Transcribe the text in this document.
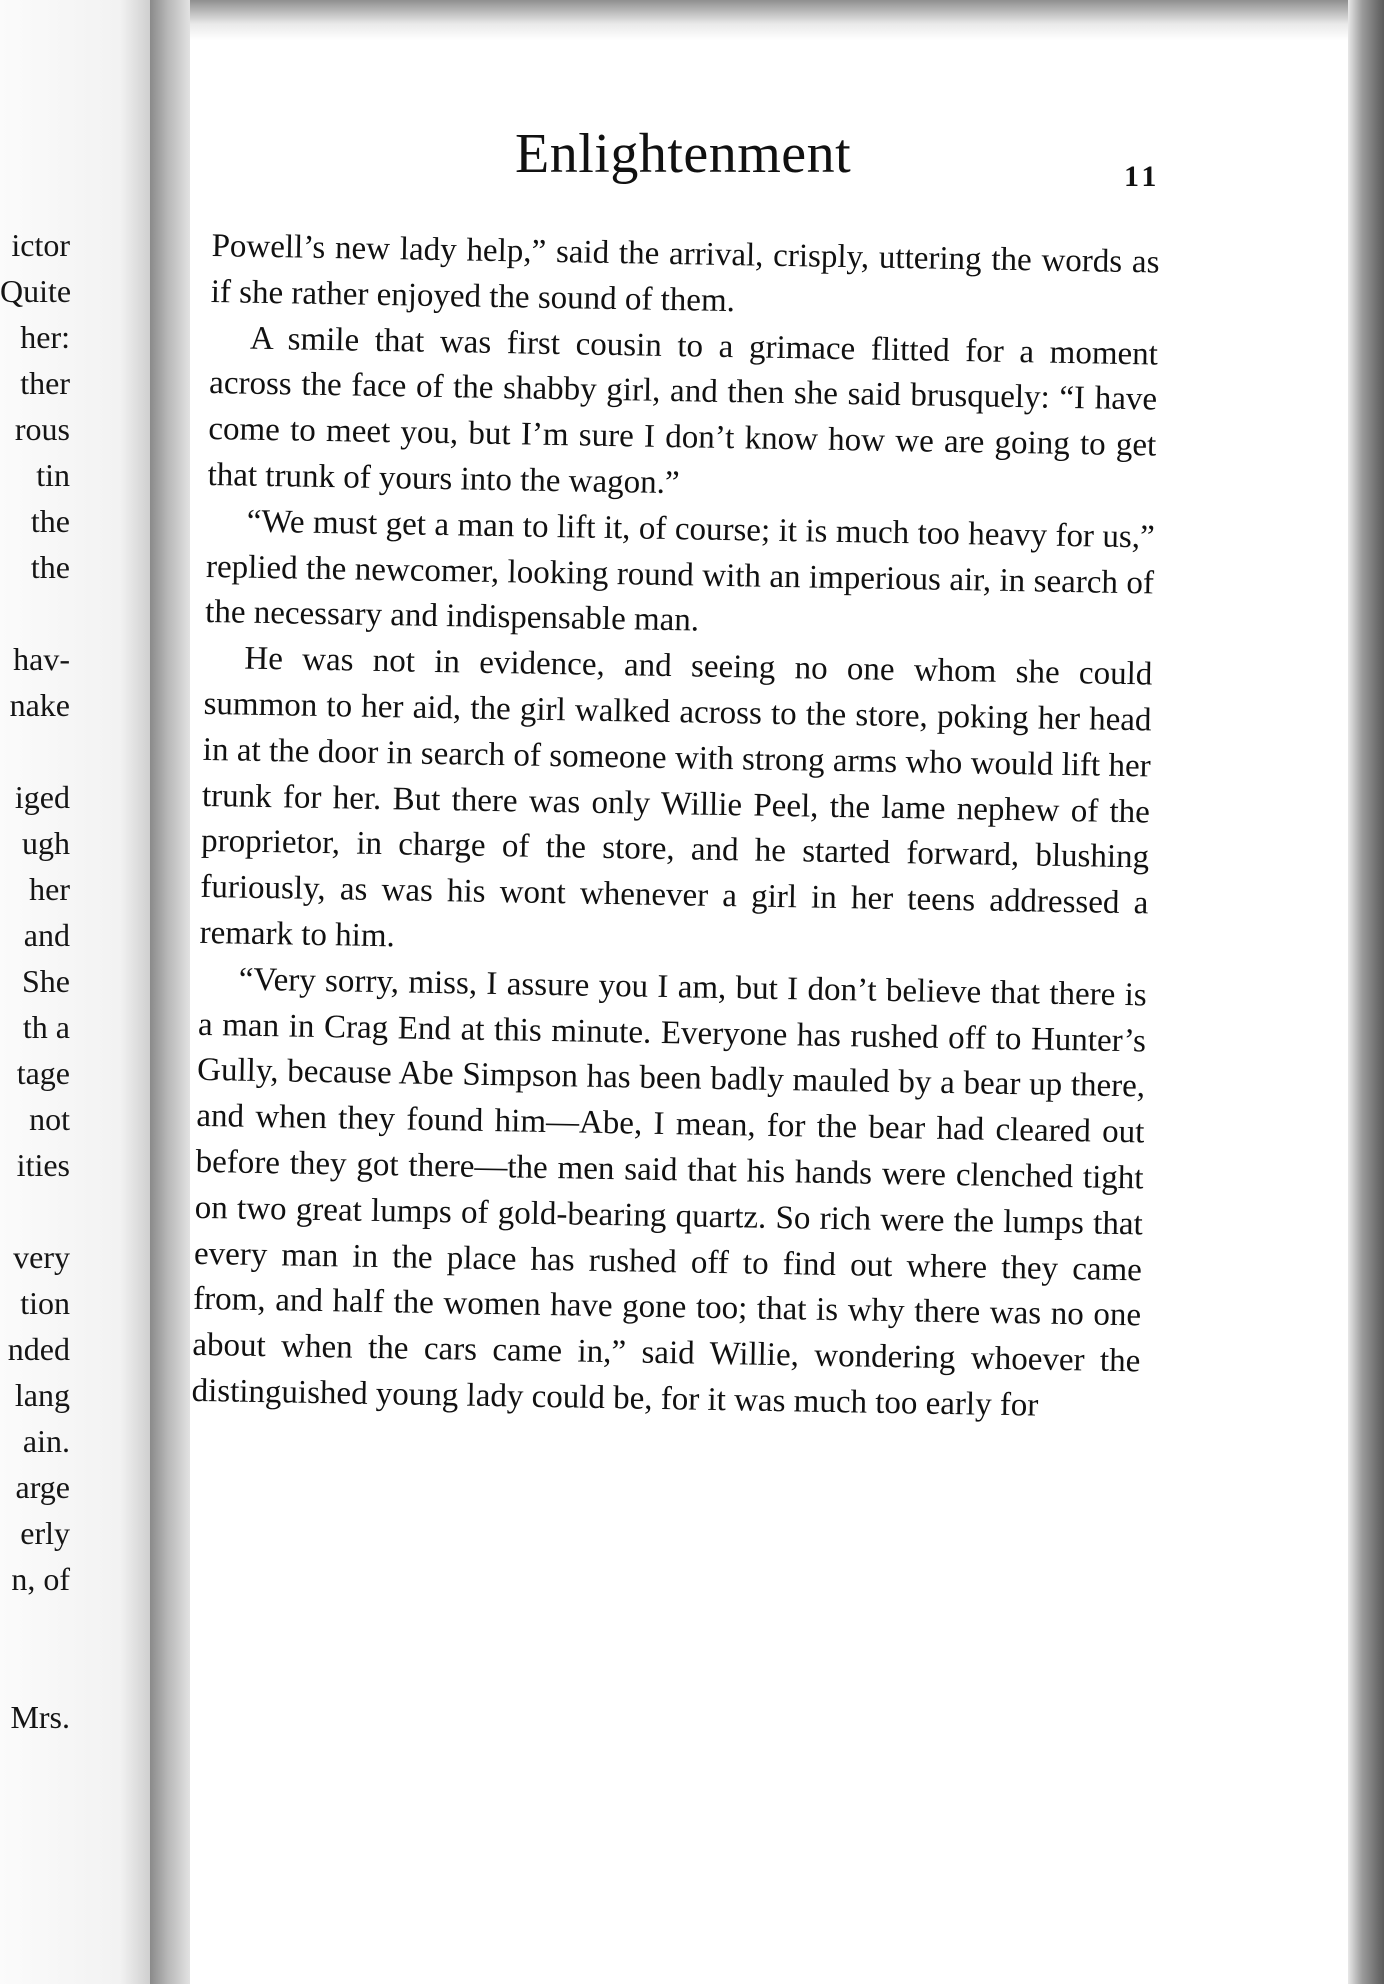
ictor
Quite
her:
ther
rous
tin
the
the
hav-
nake
iged
ugh
her
and
She
th a
tage
not
ities
very
tion
nded
lang
ain.
arge
erly
n, of
Mrs.
Enlightenment	11

Powell’s new lady help,” said the arrival, crisply, uttering the words as if she rather enjoyed the sound of them.

A smile that was first cousin to a grimace flitted for a moment across the face of the shabby girl, and then she said brusquely: “I have come to meet you, but I’m sure I don’t know how we are going to get that trunk of yours into the wagon.”

“We must get a man to lift it, of course; it is much too heavy for us,” replied the newcomer, looking round with an imperious air, in search of the necessary and indispensable man.

He was not in evidence, and seeing no one whom she could summon to her aid, the girl walked across to the store, poking her head in at the door in search of someone with strong arms who would lift her trunk for her. But there was only Willie Peel, the lame nephew of the proprietor, in charge of the store, and he started forward, blushing furiously, as was his wont whenever a girl in her teens addressed a remark to him.

“Very sorry, miss, I assure you I am, but I don’t believe that there is a man in Crag End at this minute. Everyone has rushed off to Hunter’s Gully, because Abe Simpson has been badly mauled by a bear up there, and when they found him—Abe, I mean, for the bear had cleared out before they got there—the men said that his hands were clenched tight on two great lumps of gold-bearing quartz. So rich were the lumps that every man in the place has rushed off to find out where they came from, and half the women have gone too; that is why there was no one about when the cars came in,” said Willie, wondering whoever the distinguished young lady could be, for it was much too early for
